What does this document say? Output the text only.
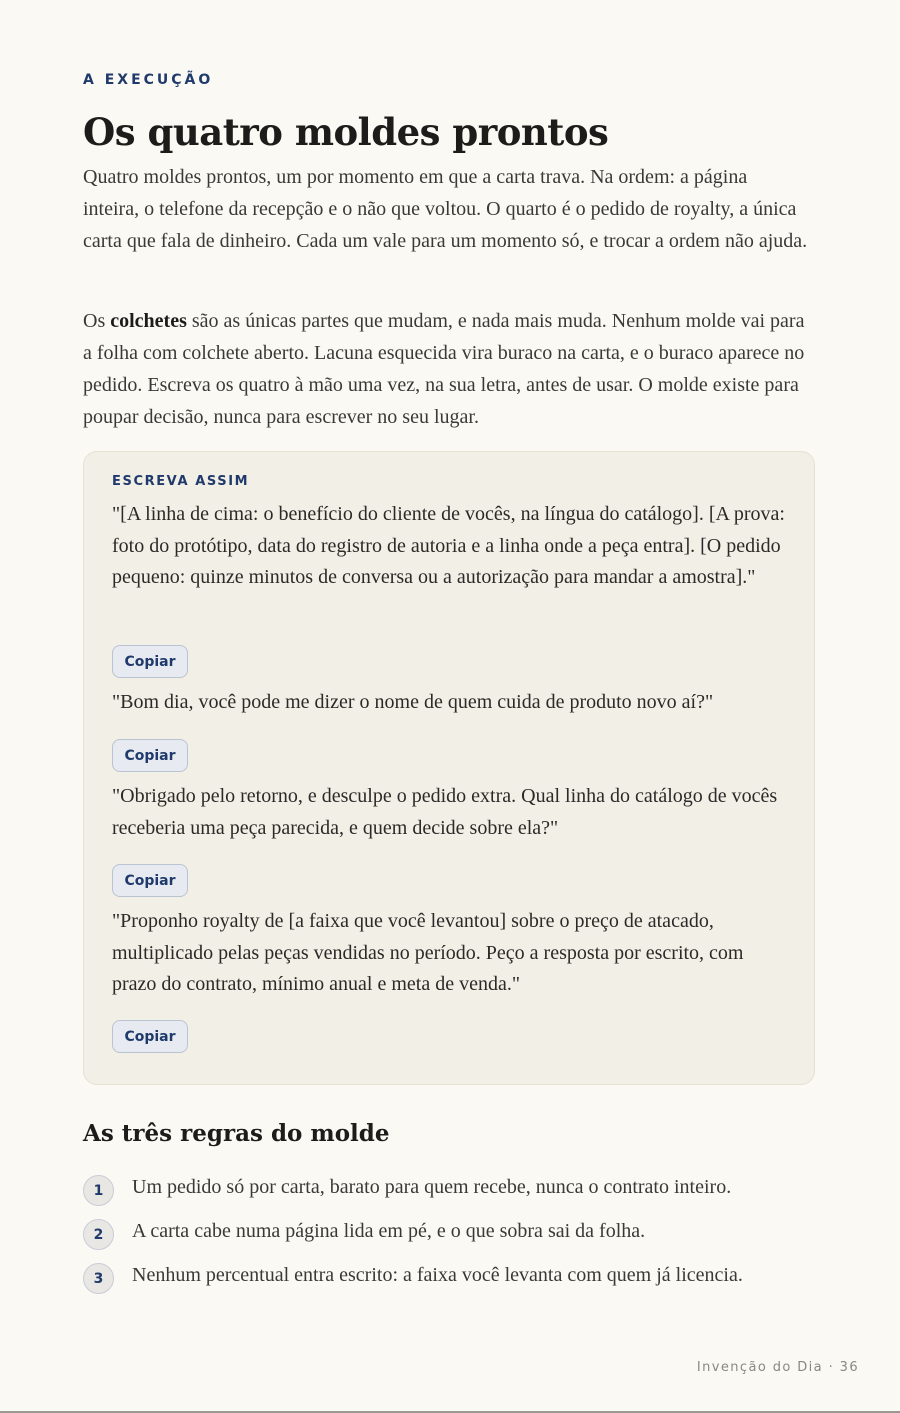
A EXECUÇÃO
Os quatro moldes prontos

Quatro moldes prontos, um por momento em que a carta trava. Na ordem: a página inteira, o telefone da recepção e o não que voltou. O quarto é o pedido de royalty, a única carta que fala de dinheiro. Cada um vale para um momento só, e trocar a ordem não ajuda.

Os colchetes são as únicas partes que mudam, e nada mais muda. Nenhum molde vai para a folha com colchete aberto. Lacuna esquecida vira buraco na carta, e o buraco aparece no pedido. Escreva os quatro à mão uma vez, na sua letra, antes de usar. O molde existe para poupar decisão, nunca para escrever no seu lugar.

ESCREVA ASSIM

"[A linha de cima: o benefício do cliente de vocês, na língua do catálogo]. [A prova: foto do protótipo, data do registro de autoria e a linha onde a peça entra]. [O pedido pequeno: quinze minutos de conversa ou a autorização para mandar a amostra]."

Copiar

"Bom dia, você pode me dizer o nome de quem cuida de produto novo aí?"

Copiar

"Obrigado pelo retorno, e desculpe o pedido extra. Qual linha do catálogo de vocês receberia uma peça parecida, e quem decide sobre ela?"

Copiar

"Proponho royalty de [a faixa que você levantou] sobre o preço de atacado, multiplicado pelas peças vendidas no período. Peço a resposta por escrito, com prazo do contrato, mínimo anual e meta de venda."

Copiar
As três regras do molde
1	Um pedido só por carta, barato para quem recebe, nunca o contrato inteiro.
2	A carta cabe numa página lida em pé, e o que sobra sai da folha.
3	Nenhum percentual entra escrito: a faixa você levanta com quem já licencia.
Invenção do Dia · 36
